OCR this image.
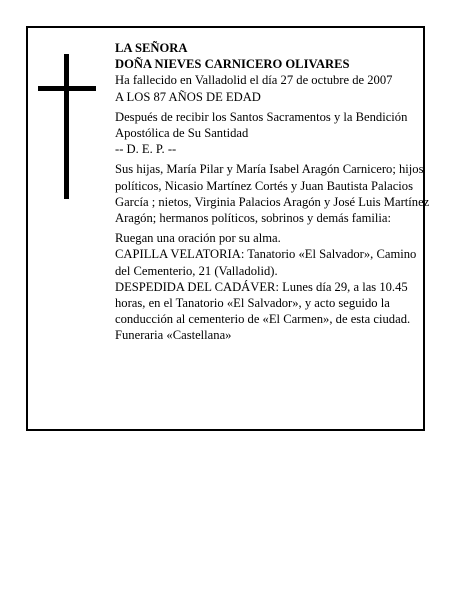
LA SEÑORA

DOÑA NIEVES CARNICERO OLIVARES

Ha fallecido en Valladolid el día 27 de octubre de 2007

A LOS 87 AÑOS DE EDAD

Después de recibir los Santos Sacramentos y la Bendición Apostólica de Su Santidad

-- D. E. P. --

Sus hijas, María Pilar y María Isabel Aragón Carnicero; hijos políticos, Nicasio Martínez Cortés y Juan Bautista Palacios García ; nietos, Virginia Palacios Aragón y José Luis Martínez Aragón; hermanos políticos, sobrinos y demás familia:

Ruegan una oración por su alma.

CAPILLA VELATORIA: Tanatorio «El Salvador», Camino del Cementerio, 21 (Valladolid).

DESPEDIDA DEL CADÁVER: Lunes día 29, a las 10.45 horas, en el Tanatorio «El Salvador», y acto seguido la conducción al cementerio de «El Carmen», de esta ciudad.

Funeraria «Castellana»
